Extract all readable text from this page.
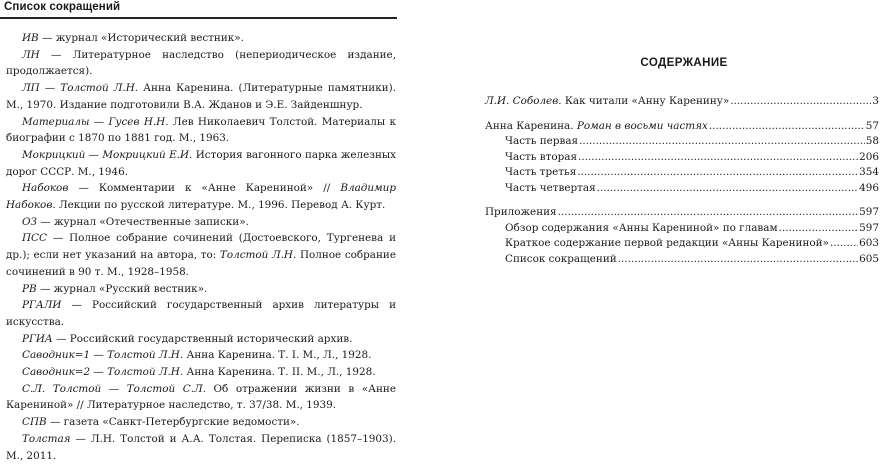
Список сокращений

ИВ — журнал «Исторический вестник».

ЛН — Литературное наследство (непериодическое издание, продолжается).

ЛП — Толстой Л.Н. Анна Каренина. (Литературные памятники). М., 1970. Издание подготовили В.А. Жданов и Э.Е. Зайденшнур.

Материалы — Гусев Н.Н. Лев Николаевич Толстой. Материалы к биографии с 1870 по 1881 год. М., 1963.

Мокрицкий — Мокрицкий Е.И. История вагонного парка железных дорог СССР. М., 1946.

Набоков — Комментарии к «Анне Карениной» // Владимир Набоков. Лекции по русской литературе. М., 1996. Перевод А. Курт.

ОЗ — журнал «Отечественные записки».

ПСС — Полное собрание сочинений (Достоевского, Тургенева и др.); если нет указаний на автора, то: Толстой Л.Н. Полное собрание сочинений в 90 т. М., 1928–1958.

РВ — журнал «Русский вестник».

РГАЛИ — Российский государственный архив литературы и искусства.

РГИА — Российский государственный исторический архив.

Саводник=1 — Толстой Л.Н. Анна Каренина. Т. I. М., Л., 1928.

Саводник=2 — Толстой Л.Н. Анна Каренина. Т. II. М., Л., 1928.

С.Л. Толстой — Толстой С.Л. Об отражении жизни в «Анне Карениной» // Литературное наследство, т. 37/38. М., 1939.

СПВ — газета «Санкт-Петербургские ведомости».

Толстая — Л.Н. Толстой и А.А. Толстая. Переписка (1857–1903). М., 2011.

СОДЕРЖАНИЕ
Л.И. Соболев. Как читали «Анну Каренину» .....	3
Анна Каренина. Роман в восьми частях .....	57
Часть первая .....	58
Часть вторая .....	206
Часть третья .....	354
Часть четвертая .....	496
Приложения .....	597
Обзор содержания «Анны Карениной» по главам .....	597
Краткое содержание первой редакции «Анны Карениной» .....	603
Список сокращений .....	605
